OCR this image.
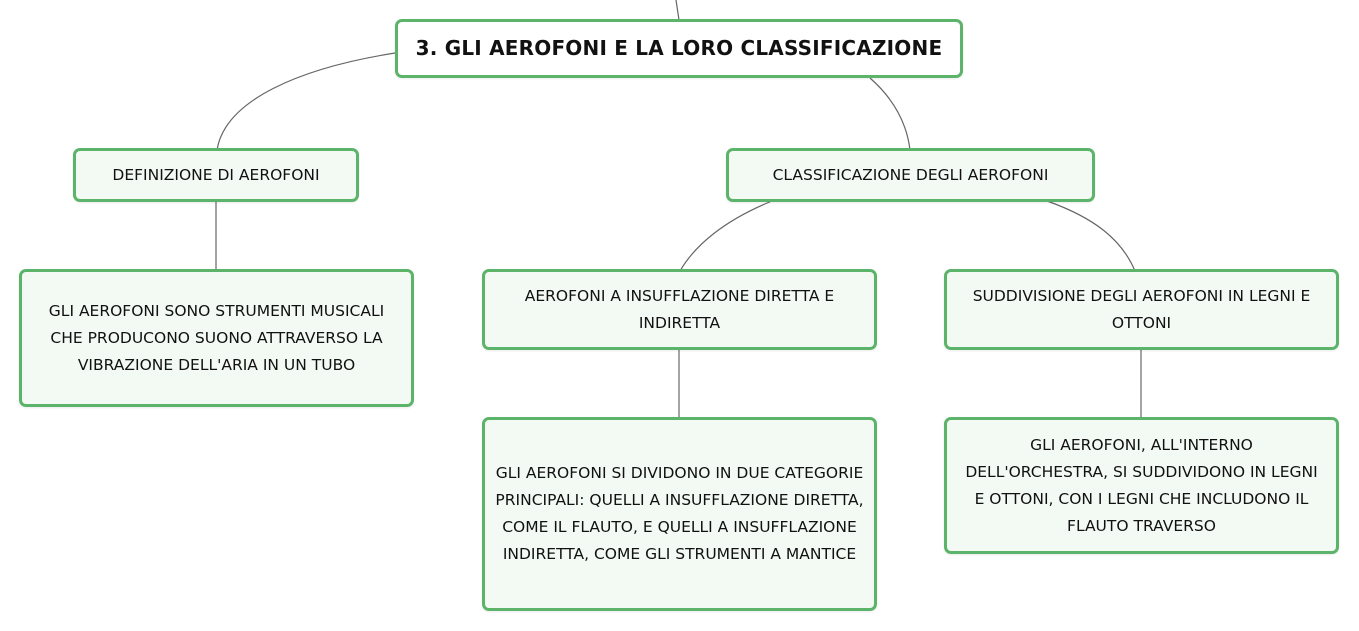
3. GLI AEROFONI E LA LORO CLASSIFICAZIONE
DEFINIZIONE DI AEROFONI	CLASSIFICAZIONE DEGLI AEROFONI
GLI AEROFONI SONO STRUMENTI MUSICALI CHE PRODUCONO SUONO ATTRAVERSO LA VIBRAZIONE DELL'ARIA IN UN TUBO
AEROFONI A INSUFFLAZIONE DIRETTA E INDIRETTA
SUDDIVISIONE DEGLI AEROFONI IN LEGNI E OTTONI
GLI AEROFONI SI DIVIDONO IN DUE CATEGORIE PRINCIPALI: QUELLI A INSUFFLAZIONE DIRETTA, COME IL FLAUTO, E QUELLI A INSUFFLAZIONE INDIRETTA, COME GLI STRUMENTI A MANTICE
GLI AEROFONI, ALL'INTERNO DELL'ORCHESTRA, SI SUDDIVIDONO IN LEGNI E OTTONI, CON I LEGNI CHE INCLUDONO IL FLAUTO TRAVERSO
